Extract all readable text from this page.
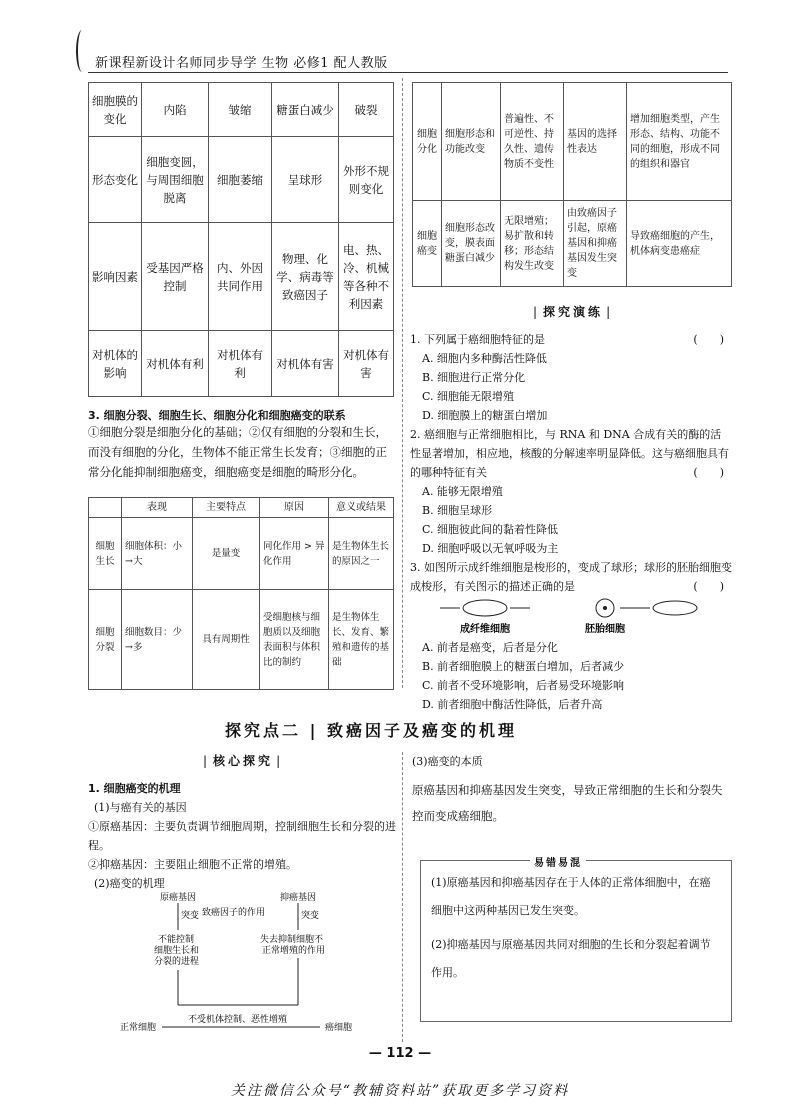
新课程新设计名师同步导学 生物 必修1 配人教版
细胞膜的变化	内陷	皱缩	糖蛋白减少	破裂
形态变化	细胞变圆，与周围细胞脱离	细胞萎缩	呈球形	外形不规则变化
影响因素	受基因严格控制	内、外因共同作用	物理、化学、病毒等致癌因子	电、热、冷、机械等各种不利因素
对机体的影响	对机体有利	对机体有利	对机体有害	对机体有害
细胞分化	细胞形态和功能改变	普遍性、不可逆性、持久性、遗传物质不变性	基因的选择性表达	增加细胞类型，产生形态、结构、功能不同的细胞，形成不同的组织和器官
细胞癌变	细胞形态改变，膜表面糖蛋白减少	无限增殖；易扩散和转移；形态结构发生改变	由致癌因子引起，原癌基因和抑癌基因发生突变	导致癌细胞的产生，机体病变患癌症
3. 细胞分裂、细胞生长、细胞分化和细胞癌变的联系
①细胞分裂是细胞分化的基础；②仅有细胞的分裂和生长，而没有细胞的分化，生物体不能正常生长发育；③细胞的正常分化能抑制细胞癌变，细胞癌变是细胞的畸形分化。
	表现	主要特点	原因	意义或结果
细胞生长	细胞体积：小→大	是量变	同化作用 > 异化作用	是生物体生长的原因之一
细胞分裂	细胞数目：少→多	具有周期性	受细胞核与细胞质以及细胞表面积与体积比的制约	是生物体生长、发育、繁殖和遗传的基础
| 探究演练 |
1. 下列属于癌细胞特征的是	(　　)
A. 细胞内多种酶活性降低
B. 细胞进行正常分化
C. 细胞能无限增殖
D. 细胞膜上的糖蛋白增加
2. 癌细胞与正常细胞相比，与 RNA 和 DNA 合成有关的酶的活性显著增加，相应地，核酸的分解速率明显降低。这与癌细胞具有的哪种特征有关	(　　)
A. 能够无限增殖
B. 细胞呈球形
C. 细胞彼此间的黏着性降低
D. 细胞呼吸以无氧呼吸为主
3. 如图所示成纤维细胞是梭形的，变成了球形；球形的胚胎细胞变成梭形，有关图示的描述正确的是	(　　)
成纤维细胞	胚胎细胞
A. 前者是癌变，后者是分化
B. 前者细胞膜上的糖蛋白增加，后者减少
C. 前者不受环境影响，后者易受环境影响
D. 前者细胞中酶活性降低，后者升高
探究点二 | 致癌因子及癌变的机理
| 核心探究 |
1. 细胞癌变的机理
(1)与癌有关的基因
①原癌基因：主要负责调节细胞周期，控制细胞生长和分裂的进程。
②抑癌基因：主要阻止细胞不正常的增殖。
(2)癌变的机理
原癌基因	抑癌基因
突变	突变
致癌因子的作用
不能控制
细胞生长和
分裂的进程
失去抑制细胞不
正常增殖的作用
正常细胞	癌细胞
不受机体控制、恶性增殖
(3)癌变的本质
原癌基因和抑癌基因发生突变，导致正常细胞的生长和分裂失控而变成癌细胞。
(1)原癌基因和抑癌基因存在于人体的正常体细胞中，在癌细胞中这两种基因已发生突变。
(2)抑癌基因与原癌基因共同对细胞的生长和分裂起着调节作用。
易错易混
— 112 —
关注微信公众号“教辅资料站”获取更多学习资料
